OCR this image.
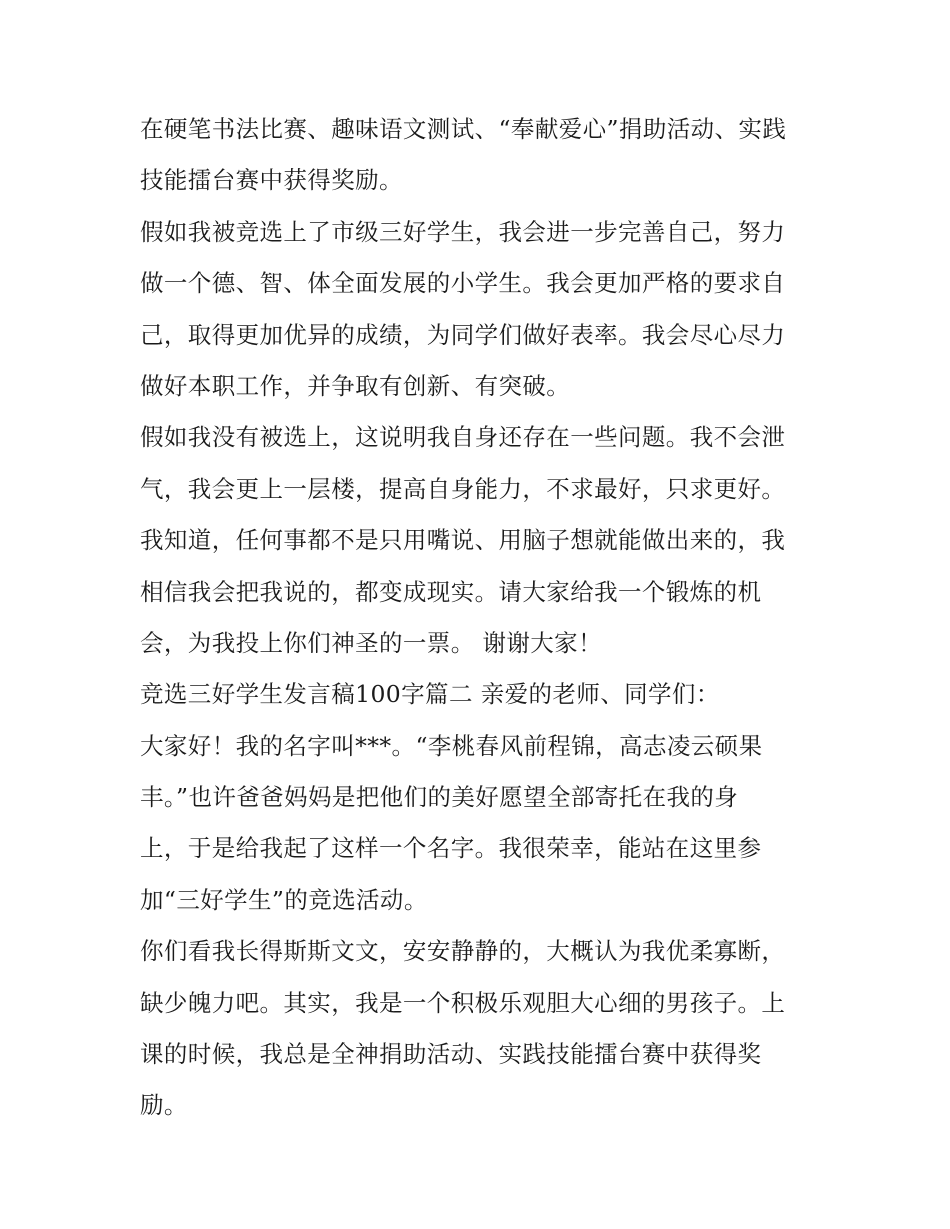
在硬笔书法比赛、趣味语文测试、“奉献爱心”捐助活动、实践
技能擂台赛中获得奖励。
假如我被竞选上了市级三好学生，我会进一步完善自己，努力
做一个德、智、体全面发展的小学生。我会更加严格的要求自
己，取得更加优异的成绩，为同学们做好表率。我会尽心尽力
做好本职工作，并争取有创新、有突破。
假如我没有被选上，这说明我自身还存在一些问题。我不会泄
气，我会更上一层楼，提高自身能力，不求最好，只求更好。
我知道，任何事都不是只用嘴说、用脑子想就能做出来的，我
相信我会把我说的，都变成现实。请大家给我一个锻炼的机
会，为我投上你们神圣的一票。 谢谢大家！
竞选三好学生发言稿100字篇二 亲爱的老师、同学们：
大家好！我的名字叫***。“李桃春风前程锦，高志凌云硕果
丰。”也许爸爸妈妈是把他们的美好愿望全部寄托在我的身
上，于是给我起了这样一个名字。我很荣幸，能站在这里参
加“三好学生”的竞选活动。
你们看我长得斯斯文文，安安静静的，大概认为我优柔寡断，
缺少魄力吧。其实，我是一个积极乐观胆大心细的男孩子。上
课的时候，我总是全神捐助活动、实践技能擂台赛中获得奖
励。
